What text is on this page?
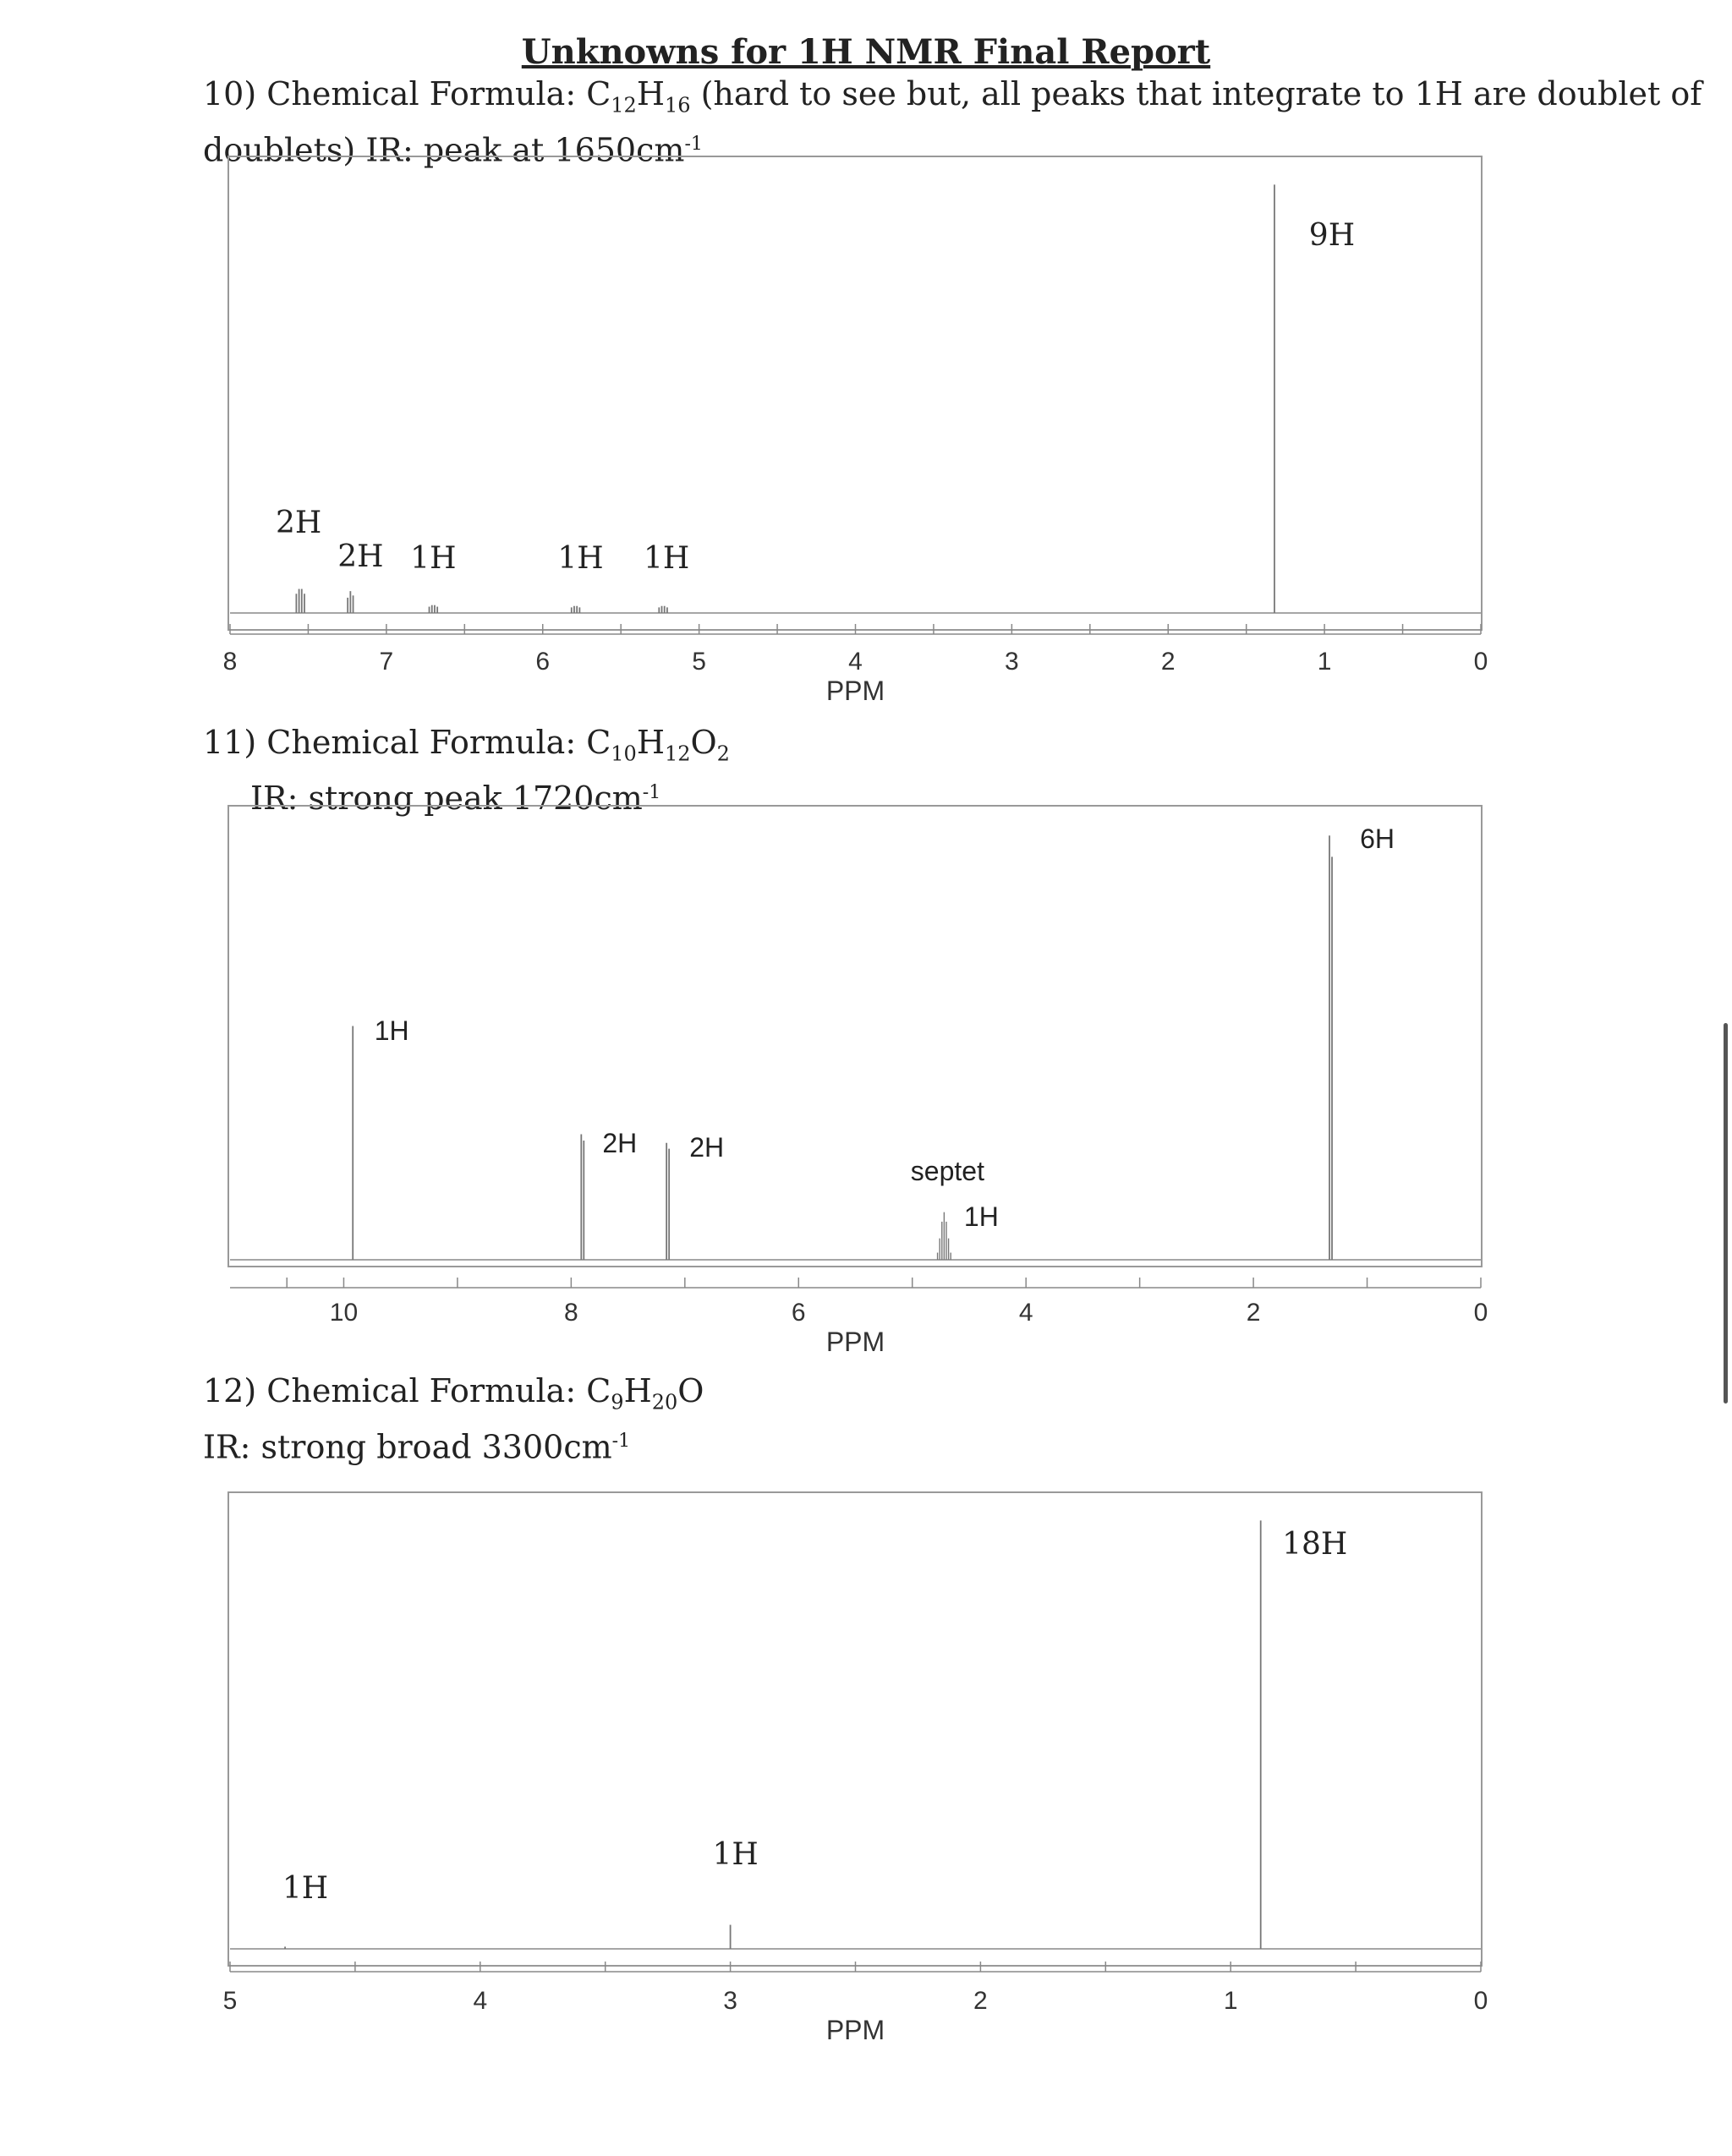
Unknowns for 1H NMR Final Report
10) Chemical Formula: $C_{12}H_{16}$ (hard to see but, all peaks that integrate to 1H are doublet of
doublets) IR: peak at $1650cm^{-1}$
11) Chemical Formula: $C_{10}H_{12}O_2$
IR: strong peak $1720cm^{-1}$
12) Chemical Formula: $C_9H_{20}O$
IR: strong broad $3300cm^{-1}$
8	7	6	5	4	3	2	1	0
PPM
2H
2H 1H	1H 1H
9H
10	8	6	4	2	0
PPM
1H
2H 2H
1H
septet
6H
5	4	3	2	1	0
PPM
1H
1H
18H
